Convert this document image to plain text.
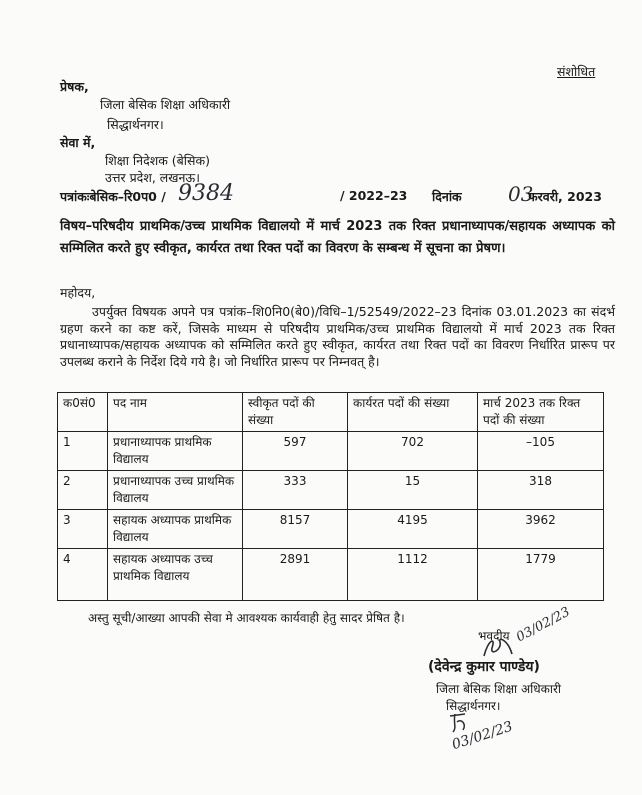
संशोधित
प्रेषक,
जिला बेसिक शिक्षा अधिकारी
सिद्धार्थनगर।
सेवा में,
शिक्षा निदेशक (बेसिक)
उत्तर प्रदेश, लखनऊ।
पत्रांकःबेसिक–रि0प0 / 9384	/ 2022–23 दिनांक 03
फरवरी, 2023
विषय–परिषदीय प्राथमिक/उच्च प्राथमिक विद्यालयो में मार्च 2023 तक रिक्त प्रधानाध्यापक/सहायक अध्यापक को सम्मिलित करते हुए स्वीकृत, कार्यरत तथा रिक्त पदों का विवरण के सम्बन्ध में सूचना का प्रेषण।
महोदय,
उपर्युक्त विषयक अपने पत्र पत्रांक–शि0नि0(बे0)/विधि–1/52549/2022–23 दिनांक 03.01.2023 का संदर्भ ग्रहण करने का कष्ट करें, जिसके माध्यम से परिषदीय प्राथमिक/उच्च प्राथमिक विद्यालयो में मार्च 2023 तक रिक्त प्रधानाध्यापक/सहायक अध्यापक को सम्मिलित करते हुए स्वीकृत, कार्यरत तथा रिक्त पदों का विवरण निर्धारित प्रारूप पर उपलब्ध कराने के निर्देश दिये गये है। जो निर्धारित प्रारूप पर निम्नवत् है।
क0सं0	पद नाम	स्वीकृत पदों की संख्या	कार्यरत पदों की संख्या	मार्च 2023 तक रिक्त पदों की संख्या
1	प्रधानाध्यापक प्राथमिक विद्यालय	597	702	–105
2	प्रधानाध्यापक उच्च प्राथमिक विद्यालय	333	15	318
3	सहायक अध्यापक प्राथमिक विद्यालय	8157	4195	3962
4	सहायक अध्यापक उच्च प्राथमिक विद्यालय	2891	1112	1779
अस्तु सूची/आख्या आपकी सेवा मे आवश्यक कार्यवाही हेतु सादर प्रेषित है।
भवदीय 03/02/23
(देवेन्द्र कुमार पाण्डेय)
जिला बेसिक शिक्षा अधिकारी
सिद्धार्थनगर।
03/02/23
